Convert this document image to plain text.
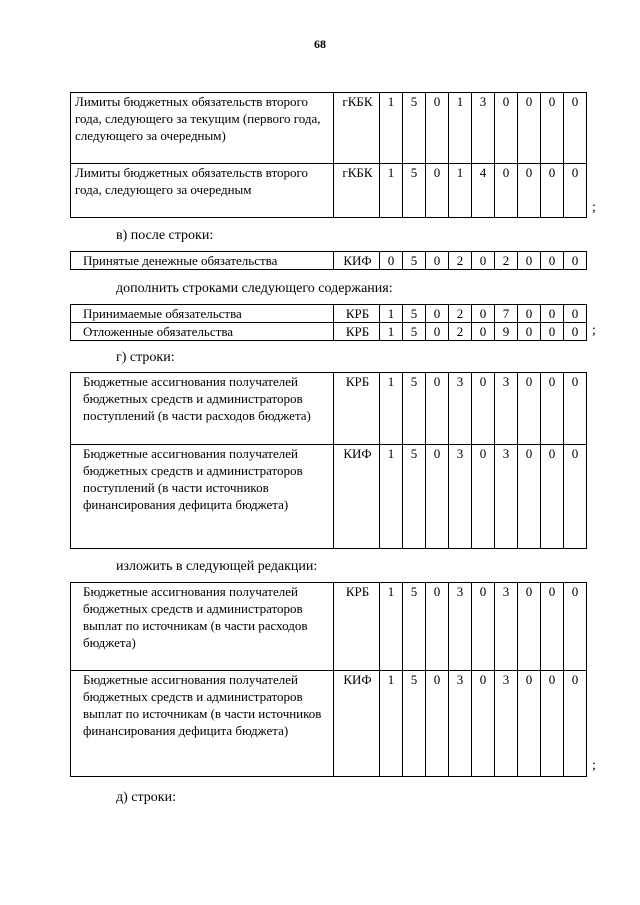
68
Лимиты бюджетных обязательств второго года, следующего за текущим (первого года, следующего за очередным)	гКБК	1	5	0	1	3	0	0	0	0
Лимиты бюджетных обязательств второго года, следующего за очередным	гКБК	1	5	0	1	4	0	0	0	0
;
в) после строки:
Принятые денежные обязательства	КИФ	0	5	0	2	0	2	0	0	0
дополнить строками следующего содержания:
Принимаемые обязательства	КРБ	1	5	0	2	0	7	0	0	0
Отложенные обязательства	КРБ	1	5	0	2	0	9	0	0	0 ;
г) строки:
Бюджетные ассигнования получателей бюджетных средств и администраторов поступлений (в части расходов бюджета)	КРБ	1	5	0	3	0	3	0	0	0
Бюджетные ассигнования получателей бюджетных средств и администраторов поступлений (в части источников финансирования дефицита бюджета)	КИФ	1	5	0	3	0	3	0	0	0
изложить в следующей редакции:
Бюджетные ассигнования получателей бюджетных средств и администраторов выплат по источникам (в части расходов бюджета)	КРБ	1	5	0	3	0	3	0	0	0
Бюджетные ассигнования получателей бюджетных средств и администраторов выплат по источникам (в части источников финансирования дефицита бюджета)	КИФ	1	5	0	3	0	3	0	0	0
;
д) строки:
